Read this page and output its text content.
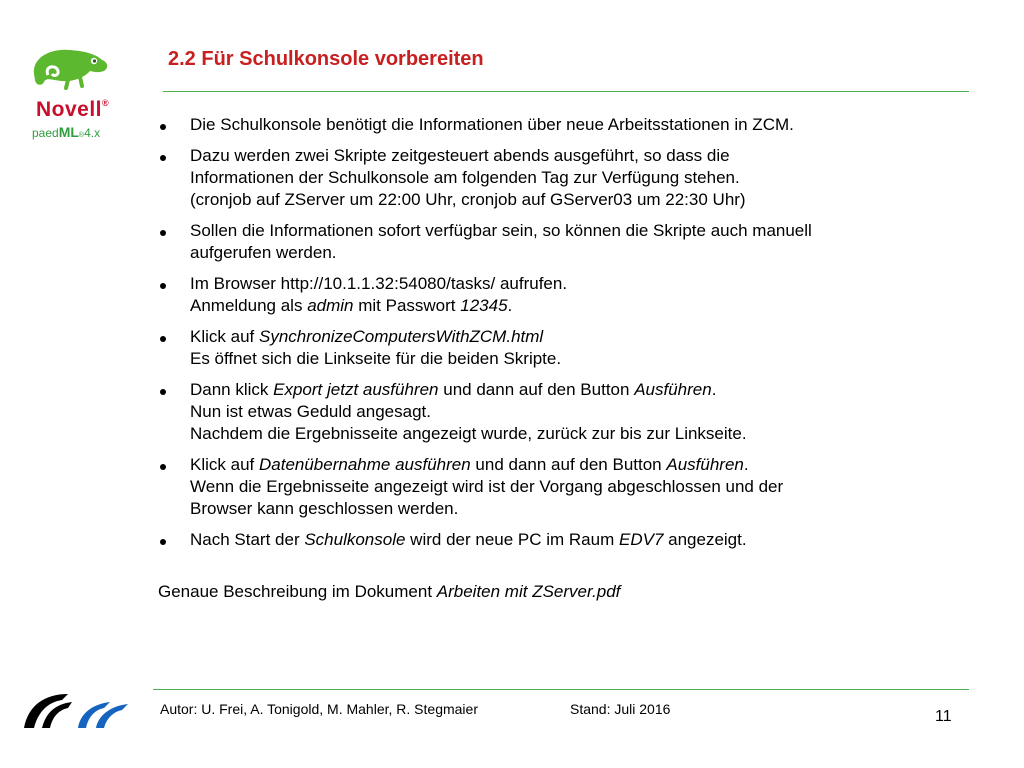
Novell®
paedML®4.x
2.2 Für Schulkonsole vorbereiten
Die Schulkonsole benötigt die Informationen über neue Arbeitsstationen in ZCM.
Dazu werden zwei Skripte zeitgesteuert abends ausgeführt, so dass die
Informationen der Schulkonsole am folgenden Tag zur Verfügung stehen.
(cronjob auf ZServer um 22:00 Uhr, cronjob auf GServer03 um 22:30 Uhr)
Sollen die Informationen sofort verfügbar sein, so können die Skripte auch manuell
aufgerufen werden.
Im Browser http://10.1.1.32:54080/tasks/ aufrufen.
Anmeldung als admin mit Passwort 12345.
Klick auf SynchronizeComputersWithZCM.html
Es öffnet sich die Linkseite für die beiden Skripte.
Dann klick Export jetzt ausführen und dann auf den Button Ausführen.
Nun ist etwas Geduld angesagt.
Nachdem die Ergebnisseite angezeigt wurde, zurück zur bis zur Linkseite.
Klick auf Datenübernahme ausführen und dann auf den Button Ausführen.
Wenn die Ergebnisseite angezeigt wird ist der Vorgang abgeschlossen und der
Browser kann geschlossen werden.
Nach Start der Schulkonsole wird der neue PC im Raum EDV7 angezeigt.
Genaue Beschreibung im Dokument Arbeiten mit ZServer.pdf
Autor: U. Frei, A. Tonigold, M. Mahler, R. Stegmaier	Stand: Juli 2016	11
